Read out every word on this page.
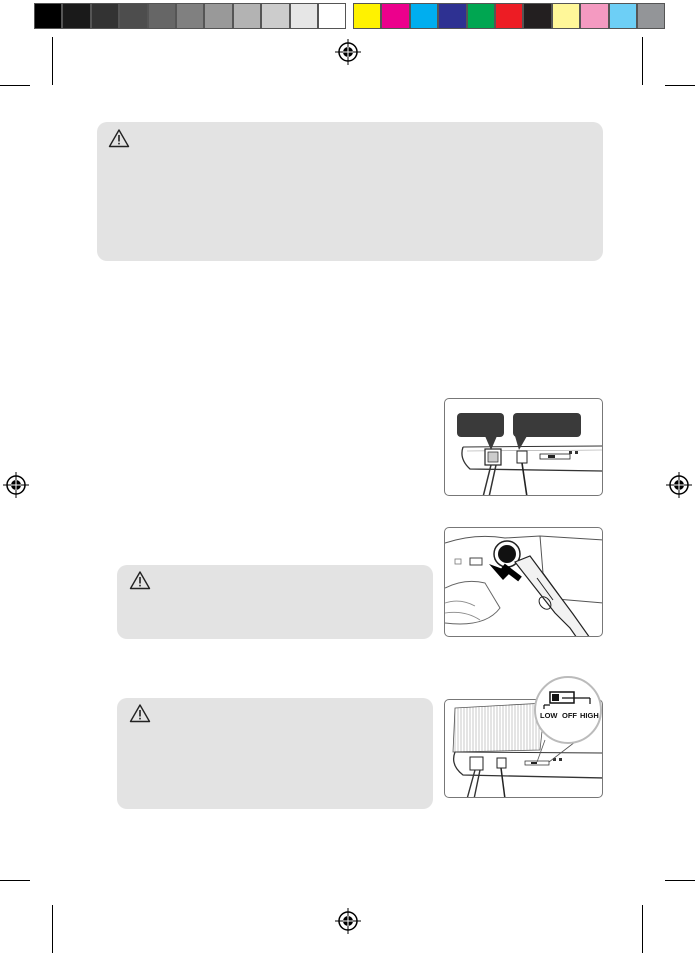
LOW OFF HIGH
